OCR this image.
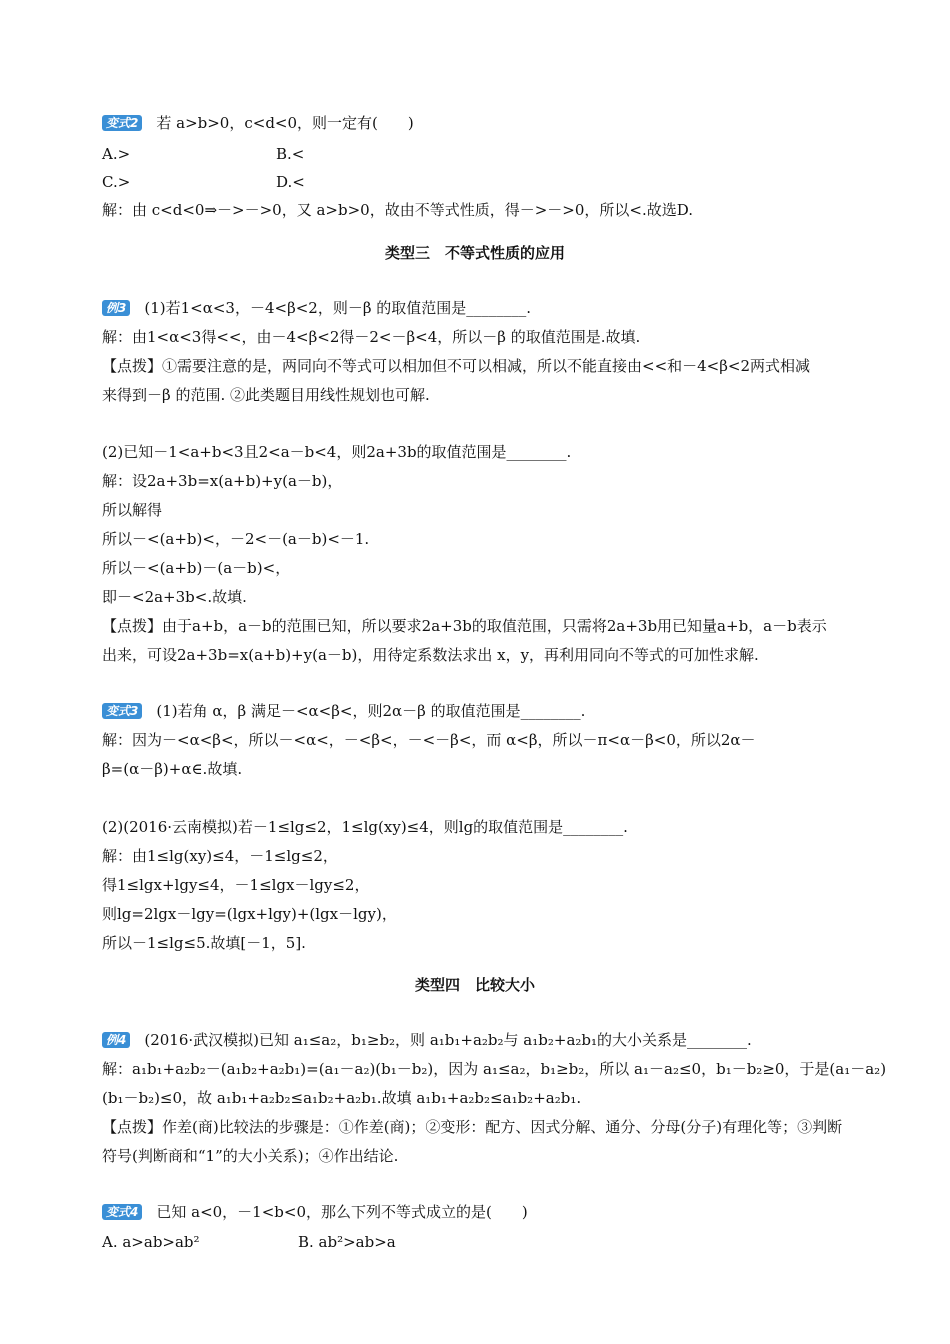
变式2 若 a>b>0，c<d<0，则一定有(　　)
A.>	B.<
C.>	D.<
解：由 c<d<0⇒－>－>0，又 a>b>0，故由不等式性质，得－>－>0，所以<.故选D.
类型三　不等式性质的应用
例3 (1)若1<α<3，－4<β<2，则－β 的取值范围是________.
解：由1<α<3得<<，由－4<β<2得－2<－β<4，所以－β 的取值范围是.故填.
【点拨】①需要注意的是，两同向不等式可以相加但不可以相减，所以不能直接由<<和－4<β<2两式相减
来得到－β 的范围. ②此类题目用线性规划也可解.
(2)已知－1<a+b<3且2<a－b<4，则2a+3b的取值范围是________.
解：设2a+3b=x(a+b)+y(a－b)，
所以解得
所以－<(a+b)<，－2<－(a－b)<－1.
所以－<(a+b)－(a－b)<，
即－<2a+3b<.故填.
【点拨】由于a+b，a－b的范围已知，所以要求2a+3b的取值范围，只需将2a+3b用已知量a+b，a－b表示
出来，可设2a+3b=x(a+b)+y(a－b)，用待定系数法求出 x，y，再利用同向不等式的可加性求解.
变式3 (1)若角 α，β 满足－<α<β<，则2α－β 的取值范围是________.
解：因为－<α<β<，所以－<α<，－<β<，－<－β<，而 α<β，所以－π<α－β<0，所以2α－
β=(α－β)+α∈.故填.
(2)(2016·云南模拟)若－1≤lg≤2，1≤lg(xy)≤4，则lg的取值范围是________.
解：由1≤lg(xy)≤4，－1≤lg≤2，
得1≤lgx+lgy≤4，－1≤lgx－lgy≤2，
则lg=2lgx－lgy=(lgx+lgy)+(lgx－lgy)，
所以－1≤lg≤5.故填[－1，5].
类型四　比较大小
例4 (2016·武汉模拟)已知 a₁≤a₂，b₁≥b₂，则 a₁b₁+a₂b₂与 a₁b₂+a₂b₁的大小关系是________.
解：a₁b₁+a₂b₂－(a₁b₂+a₂b₁)=(a₁－a₂)(b₁－b₂)，因为 a₁≤a₂，b₁≥b₂，所以 a₁－a₂≤0，b₁－b₂≥0，于是(a₁－a₂)
(b₁－b₂)≤0，故 a₁b₁+a₂b₂≤a₁b₂+a₂b₁.故填 a₁b₁+a₂b₂≤a₁b₂+a₂b₁.
【点拨】作差(商)比较法的步骤是：①作差(商)；②变形：配方、因式分解、通分、分母(分子)有理化等；③判断
符号(判断商和“1”的大小关系)；④作出结论.
变式4 已知 a<0，－1<b<0，那么下列不等式成立的是(　　)
A. a>ab>ab²	B. ab²>ab>a
